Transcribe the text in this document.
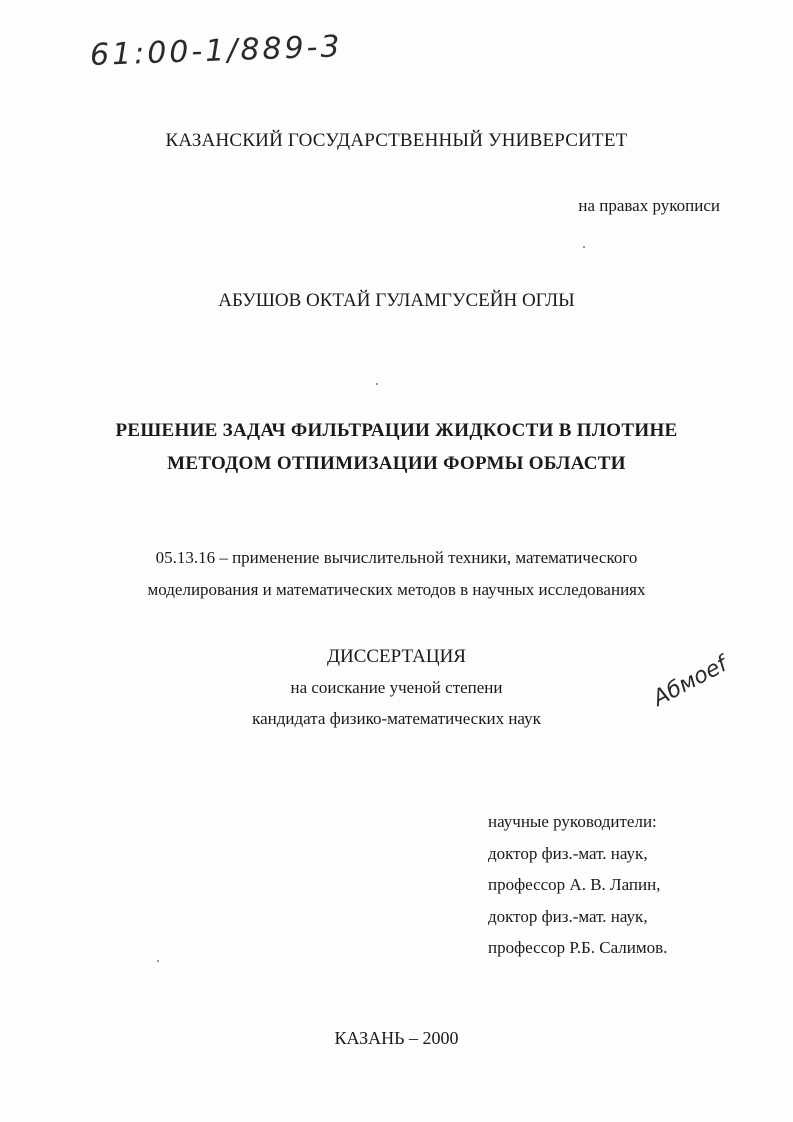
61:00-1/889-3
КАЗАНСКИЙ ГОСУДАРСТВЕННЫЙ УНИВЕРСИТЕТ
на правах рукописи
АБУШОВ ОКТАЙ ГУЛАМГУСЕЙН ОГЛЫ
РЕШЕНИЕ ЗАДАЧ ФИЛЬТРАЦИИ ЖИДКОСТИ В ПЛОТИНЕ
МЕТОДОМ ОТПИМИЗАЦИИ ФОРМЫ ОБЛАСТИ
05.13.16 – применение вычислительной техники, математического
моделирования и математических методов в научных исследованиях
ДИССЕРТАЦИЯ
на соискание ученой степени
кандидата физико-математических наук
Абмоеf
научные руководители:
доктор физ.-мат. наук,
профессор А. В. Лапин,
доктор физ.-мат. наук,
профессор Р.Б. Салимов.
КАЗАНЬ – 2000
